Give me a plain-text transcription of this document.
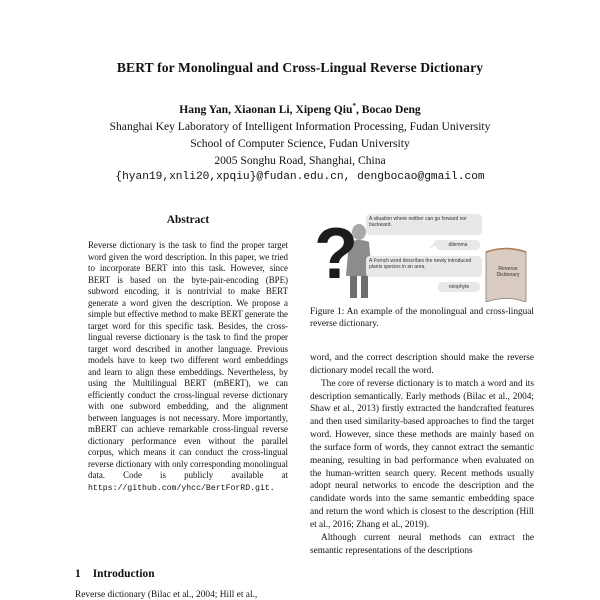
BERT for Monolingual and Cross-Lingual Reverse Dictionary
Hang Yan, Xiaonan Li, Xipeng Qiu*, Bocao Deng
Shanghai Key Laboratory of Intelligent Information Processing, Fudan University
School of Computer Science, Fudan University
2005 Songhu Road, Shanghai, China
{hyan19,xnli20,xpqiu}@fudan.edu.cn, dengbocao@gmail.com
Abstract

Reverse dictionary is the task to find the proper target word given the word description. In this paper, we tried to incorporate BERT into this task. However, since BERT is based on the byte-pair-encoding (BPE) subword encoding, it is nontrivial to make BERT generate a word given the description. We propose a simple but effective method to make BERT generate the target word for this specific task. Besides, the cross-lingual reverse dictionary is the task to find the proper target word described in another language. Previous models have to keep two different word embeddings and learn to align these embeddings. Nevertheless, by using the Multilingual BERT (mBERT), we can efficiently conduct the cross-lingual reverse dictionary with one subword embedding, and the alignment between languages is not necessary. More importantly, mBERT can achieve remarkable cross-lingual reverse dictionary performance even without the parallel corpus, which means it can conduct the cross-lingual reverse dictionary with only corresponding monolingual data. Code is publicly available at https://github.com/yhcc/BertForRD.git.

1 Introduction
Reverse dictionary (Bilac et al., 2004; Hill et al.,
?	A situation where neither can go forward nor backward.
dilemma
A French word describes the newly introduced plants species in an area.
néophyte
Reverse Dictionary

Figure 1: An example of the monolingual and cross-lingual reverse dictionary.

word, and the correct description should make the reverse dictionary model recall the word.

The core of reverse dictionary is to match a word and its description semantically. Early methods (Bilac et al., 2004; Shaw et al., 2013) firstly extracted the handcrafted features and then used similarity-based approaches to find the target word. However, since these methods are mainly based on the surface form of words, they cannot extract the semantic meaning, resulting in bad performance when evaluated on the human-written search query. Recent methods usually adopt neural networks to encode the description and the candidate words into the same semantic embedding space and return the word which is closest to the description (Hill et al., 2016; Zhang et al., 2019).

Although current neural methods can extract the semantic representations of the descriptions
